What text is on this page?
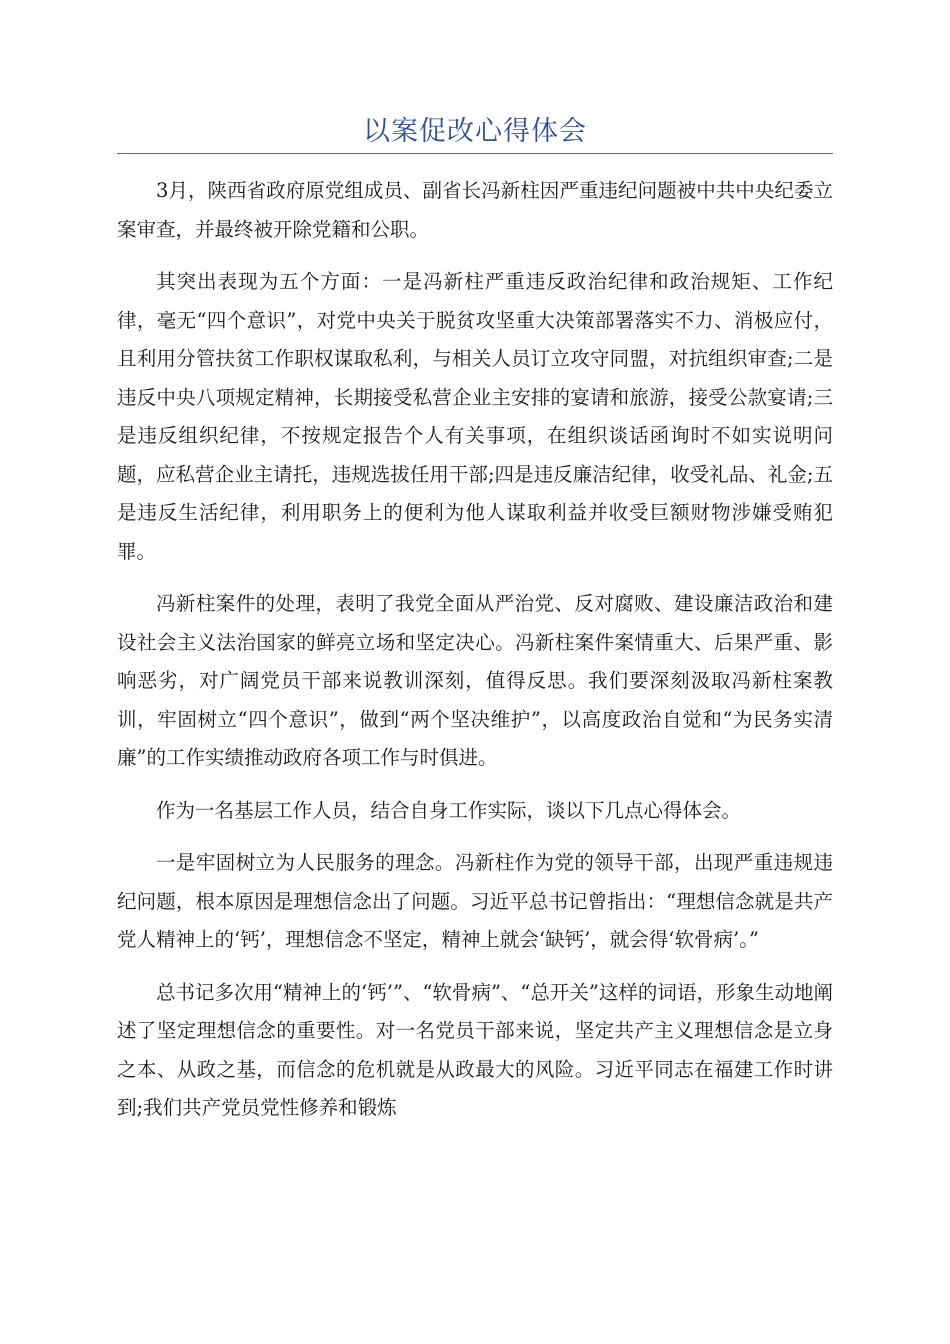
以案促改心得体会

3月，陕西省政府原党组成员、副省长冯新柱因严重违纪问题被中共中央纪委立案审查，并最终被开除党籍和公职。

其突出表现为五个方面：一是冯新柱严重违反政治纪律和政治规矩、工作纪律，毫无“四个意识”，对党中央关于脱贫攻坚重大决策部署落实不力、消极应付，且利用分管扶贫工作职权谋取私利，与相关人员订立攻守同盟，对抗组织审查;二是违反中央八项规定精神，长期接受私营企业主安排的宴请和旅游，接受公款宴请;三是违反组织纪律，不按规定报告个人有关事项，在组织谈话函询时不如实说明问题，应私营企业主请托，违规选拔任用干部;四是违反廉洁纪律，收受礼品、礼金;五是违反生活纪律，利用职务上的便利为他人谋取利益并收受巨额财物涉嫌受贿犯罪。

冯新柱案件的处理，表明了我党全面从严治党、反对腐败、建设廉洁政治和建设社会主义法治国家的鲜亮立场和坚定决心。冯新柱案件案情重大、后果严重、影响恶劣，对广阔党员干部来说教训深刻，值得反思。我们要深刻汲取冯新柱案教训，牢固树立“四个意识”，做到“两个坚决维护”，以高度政治自觉和“为民务实清廉”的工作实绩推动政府各项工作与时俱进。

作为一名基层工作人员，结合自身工作实际，谈以下几点心得体会。

一是牢固树立为人民服务的理念。冯新柱作为党的领导干部，出现严重违规违纪问题，根本原因是理想信念出了问题。习近平总书记曾指出：“理想信念就是共产党人精神上的‘钙’，理想信念不坚定，精神上就会‘缺钙’，就会得‘软骨病’。”

总书记多次用“精神上的‘钙’”、“软骨病”、“总开关”这样的词语，形象生动地阐述了坚定理想信念的重要性。对一名党员干部来说，坚定共产主义理想信念是立身之本、从政之基，而信念的危机就是从政最大的风险。习近平同志在福建工作时讲到;我们共产党员党性修养和锻炼
